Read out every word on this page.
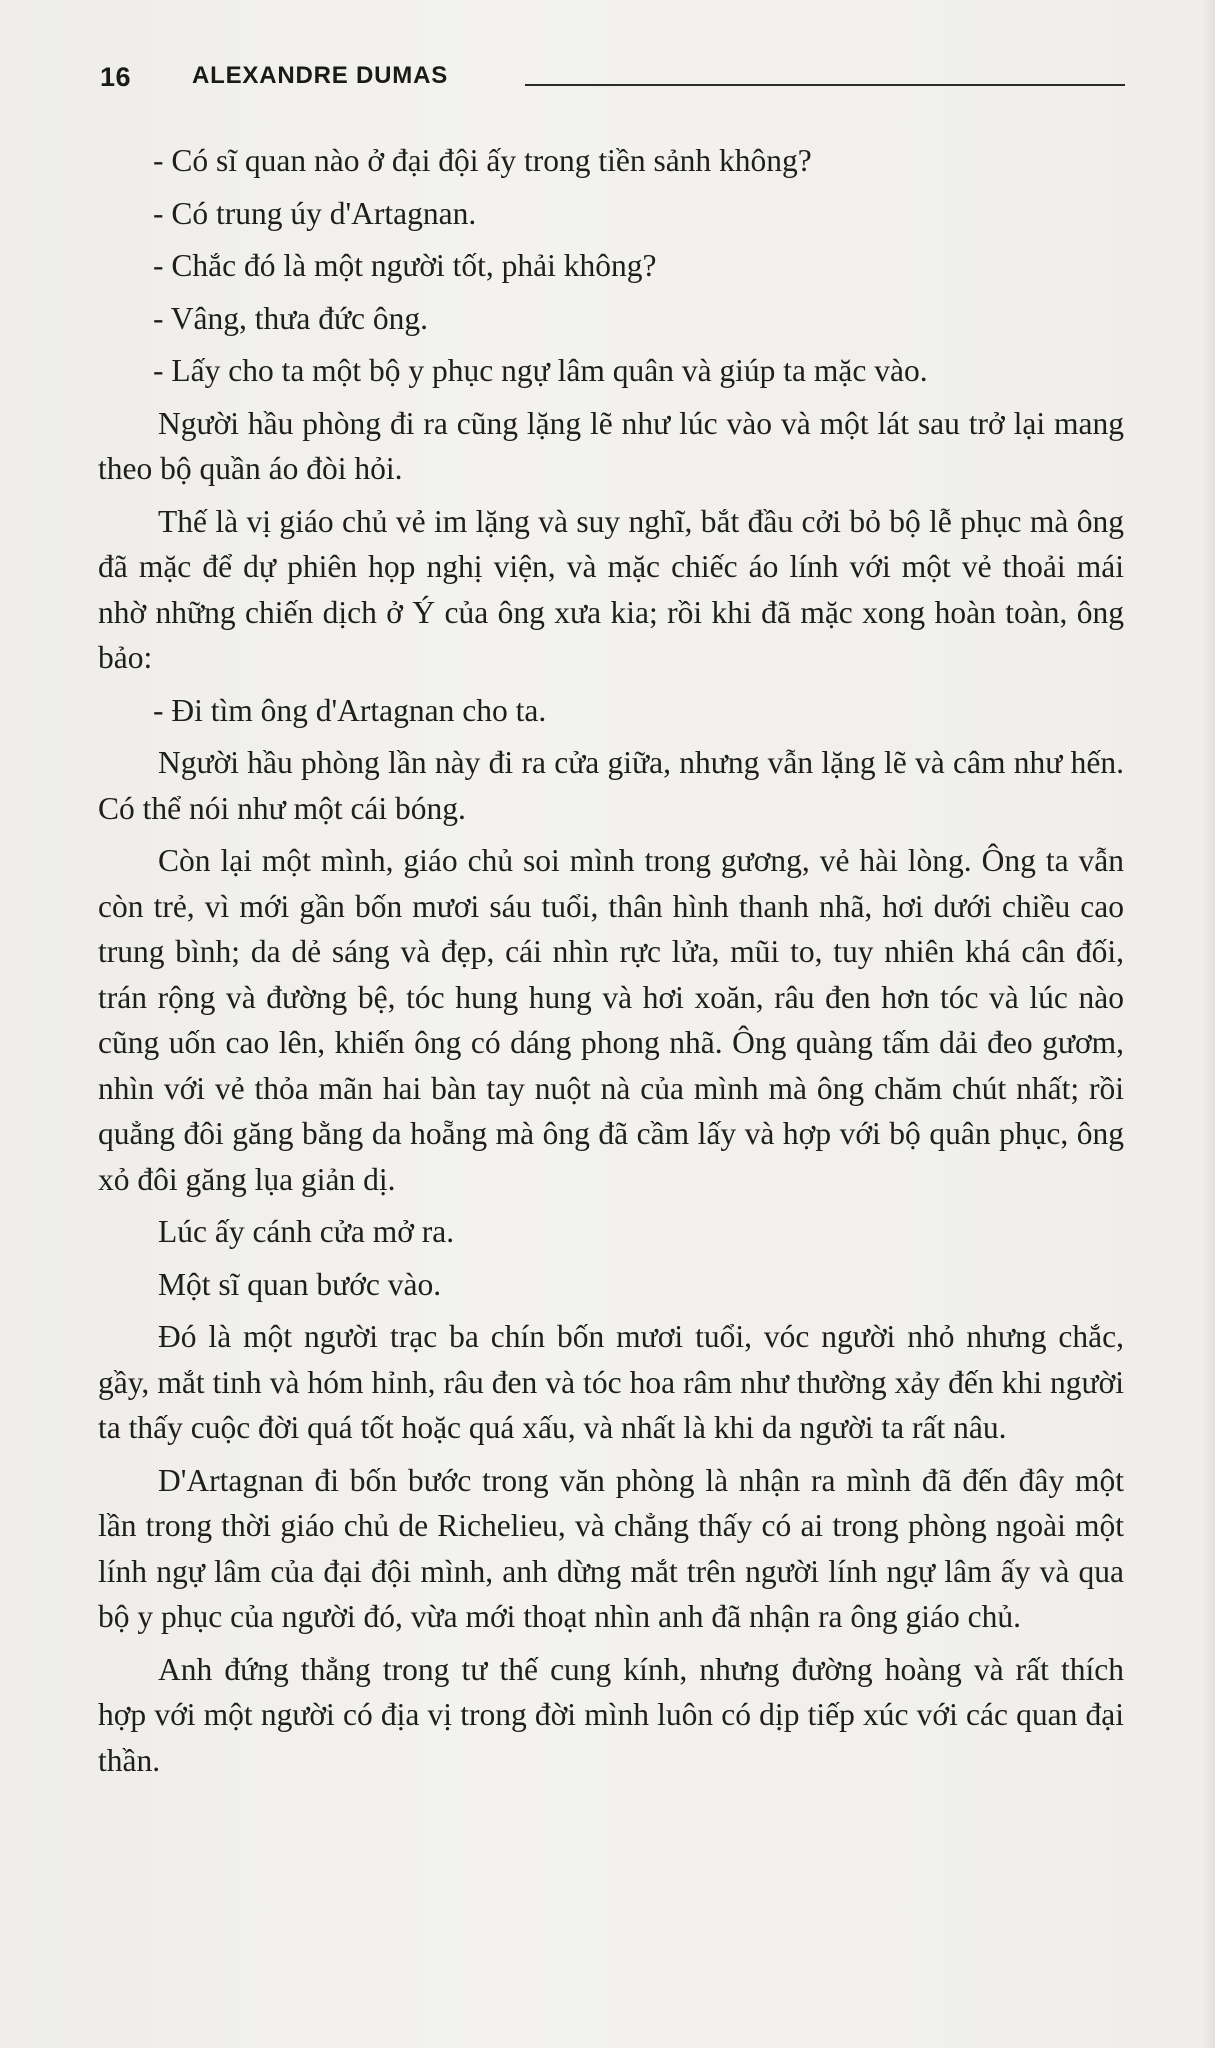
16	ALEXANDRE DUMAS

- Có sĩ quan nào ở đại đội ấy trong tiền sảnh không?

- Có trung úy d'Artagnan.

- Chắc đó là một người tốt, phải không?

- Vâng, thưa đức ông.

- Lấy cho ta một bộ y phục ngự lâm quân và giúp ta mặc vào.

Người hầu phòng đi ra cũng lặng lẽ như lúc vào và một lát sau trở lại mang theo bộ quần áo đòi hỏi.

Thế là vị giáo chủ vẻ im lặng và suy nghĩ, bắt đầu cởi bỏ bộ lễ phục mà ông đã mặc để dự phiên họp nghị viện, và mặc chiếc áo lính với một vẻ thoải mái nhờ những chiến dịch ở Ý của ông xưa kia; rồi khi đã mặc xong hoàn toàn, ông bảo:

- Đi tìm ông d'Artagnan cho ta.

Người hầu phòng lần này đi ra cửa giữa, nhưng vẫn lặng lẽ và câm như hến. Có thể nói như một cái bóng.

Còn lại một mình, giáo chủ soi mình trong gương, vẻ hài lòng. Ông ta vẫn còn trẻ, vì mới gần bốn mươi sáu tuổi, thân hình thanh nhã, hơi dưới chiều cao trung bình; da dẻ sáng và đẹp, cái nhìn rực lửa, mũi to, tuy nhiên khá cân đối, trán rộng và đường bệ, tóc hung hung và hơi xoăn, râu đen hơn tóc và lúc nào cũng uốn cao lên, khiến ông có dáng phong nhã. Ông quàng tấm dải đeo gươm, nhìn với vẻ thỏa mãn hai bàn tay nuột nà của mình mà ông chăm chút nhất; rồi quẳng đôi găng bằng da hoẵng mà ông đã cầm lấy và hợp với bộ quân phục, ông xỏ đôi găng lụa giản dị.

Lúc ấy cánh cửa mở ra.

Một sĩ quan bước vào.

Đó là một người trạc ba chín bốn mươi tuổi, vóc người nhỏ nhưng chắc, gầy, mắt tinh và hóm hỉnh, râu đen và tóc hoa râm như thường xảy đến khi người ta thấy cuộc đời quá tốt hoặc quá xấu, và nhất là khi da người ta rất nâu.

D'Artagnan đi bốn bước trong văn phòng là nhận ra mình đã đến đây một lần trong thời giáo chủ de Richelieu, và chẳng thấy có ai trong phòng ngoài một lính ngự lâm của đại đội mình, anh dừng mắt trên người lính ngự lâm ấy và qua bộ y phục của người đó, vừa mới thoạt nhìn anh đã nhận ra ông giáo chủ.

Anh đứng thẳng trong tư thế cung kính, nhưng đường hoàng và rất thích hợp với một người có địa vị trong đời mình luôn có dịp tiếp xúc với các quan đại thần.
